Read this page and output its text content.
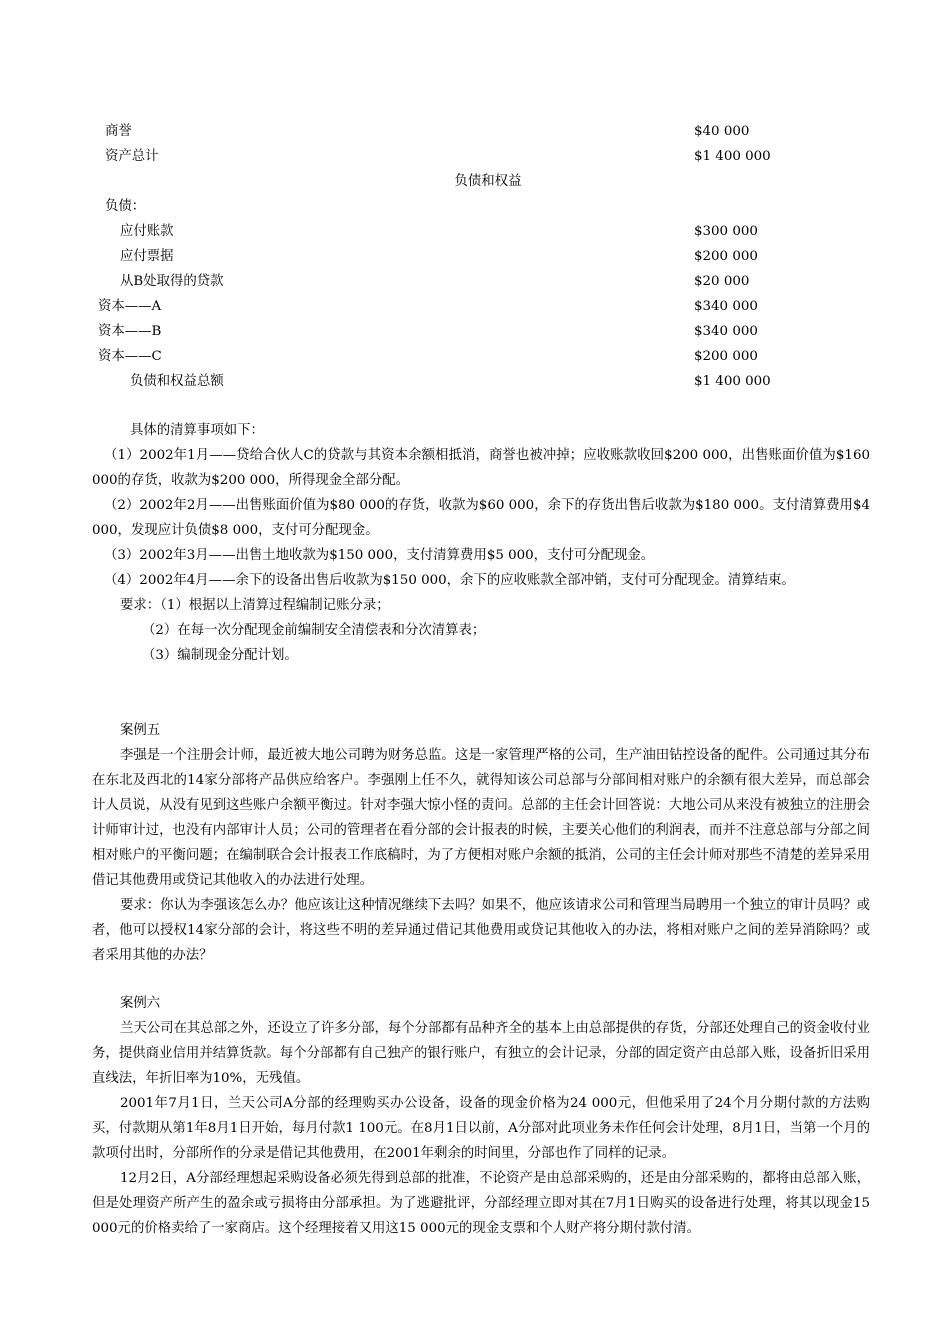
商誉	$40 000
资产总计	$1 400 000
负债和权益
负债：
应付账款	$300 000
应付票据	$200 000
从B处取得的贷款	$20 000
资本——A	$340 000
资本——B	$340 000
资本——C	$200 000
负债和权益总额	$1 400 000

具体的清算事项如下：

（1）2002年1月——贷给合伙人C的贷款与其资本余额相抵消，商誉也被冲掉；应收账款收回$200 000，出售账面价值为$160 000的存货，收款为$200 000，所得现金全部分配。

（2）2002年2月——出售账面价值为$80 000的存货，收款为$60 000，余下的存货出售后收款为$180 000。支付清算费用$4 000，发现应计负债$8 000，支付可分配现金。

（3）2002年3月——出售土地收款为$150 000，支付清算费用$5 000，支付可分配现金。

（4）2002年4月——余下的设备出售后收款为$150 000，余下的应收账款全部冲销，支付可分配现金。清算结束。

要求：（1）根据以上清算过程编制记账分录；

（2）在每一次分配现金前编制安全清偿表和分次清算表；

（3）编制现金分配计划。

案例五

李强是一个注册会计师，最近被大地公司聘为财务总监。这是一家管理严格的公司，生产油田钻控设备的配件。公司通过其分布在东北及西北的14家分部将产品供应给客户。李强刚上任不久，就得知该公司总部与分部间相对账户的余额有很大差异，而总部会计人员说，从没有见到这些账户余额平衡过。针对李强大惊小怪的责问。总部的主任会计回答说：大地公司从来没有被独立的注册会计师审计过，也没有内部审计人员；公司的管理者在看分部的会计报表的时候，主要关心他们的利润表，而并不注意总部与分部之间相对账户的平衡问题；在编制联合会计报表工作底稿时，为了方便相对账户余额的抵消，公司的主任会计师对那些不清楚的差异采用借记其他费用或贷记其他收入的办法进行处理。

要求：你认为李强该怎么办？他应该让这种情况继续下去吗？如果不，他应该请求公司和管理当局聘用一个独立的审计员吗？或者，他可以授权14家分部的会计，将这些不明的差异通过借记其他费用或贷记其他收入的办法，将相对账户之间的差异消除吗？或者采用其他的办法？

案例六

兰天公司在其总部之外，还设立了许多分部，每个分部都有品种齐全的基本上由总部提供的存货，分部还处理自己的资金收付业务，提供商业信用并结算货款。每个分部都有自己独产的银行账户，有独立的会计记录，分部的固定资产由总部入账，设备折旧采用直线法，年折旧率为10%，无残值。

2001年7月1日，兰天公司A分部的经理购买办公设备，设备的现金价格为24 000元，但他采用了24个月分期付款的方法购买，付款期从第1年8月1日开始，每月付款1 100元。在8月1日以前，A分部对此项业务未作任何会计处理，8月1日，当第一个月的款项付出时，分部所作的分录是借记其他费用，在2001年剩余的时间里，分部也作了同样的记录。

12月2日，A分部经理想起采购设备必须先得到总部的批准，不论资产是由总部采购的，还是由分部采购的，都将由总部入账，但是处理资产所产生的盈余或亏损将由分部承担。为了逃避批评，分部经理立即对其在7月1日购买的设备进行处理，将其以现金15 000元的价格卖给了一家商店。这个经理接着又用这15 000元的现金支票和个人财产将分期付款付清。
